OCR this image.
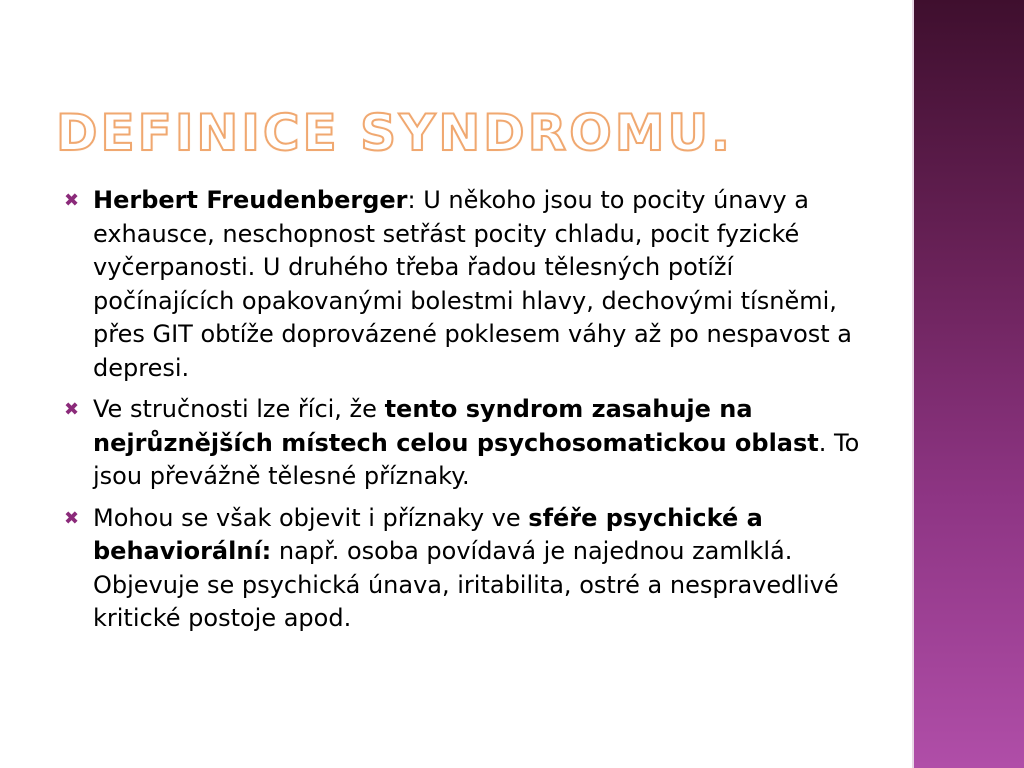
DEFINICE SYNDROMU.
✖ Herbert Freudenberger: U někoho jsou to pocity únavy a exhausce, neschopnost setřást pocity chladu, pocit fyzické vyčerpanosti. U druhého třeba řadou tělesných potíží počínajících opakovanými bolestmi hlavy, dechovými tísněmi, přes GIT obtíže doprovázené poklesem váhy až po nespavost a depresi.
✖ Ve stručnosti lze říci, že tento syndrom zasahuje na nejrůznějších místech celou psychosomatickou oblast. To jsou převážně tělesné příznaky.
✖ Mohou se však objevit i příznaky ve sféře psychické a behaviorální: např. osoba povídavá je najednou zamlklá. Objevuje se psychická únava, iritabilita, ostré a nespravedlivé kritické postoje apod.
